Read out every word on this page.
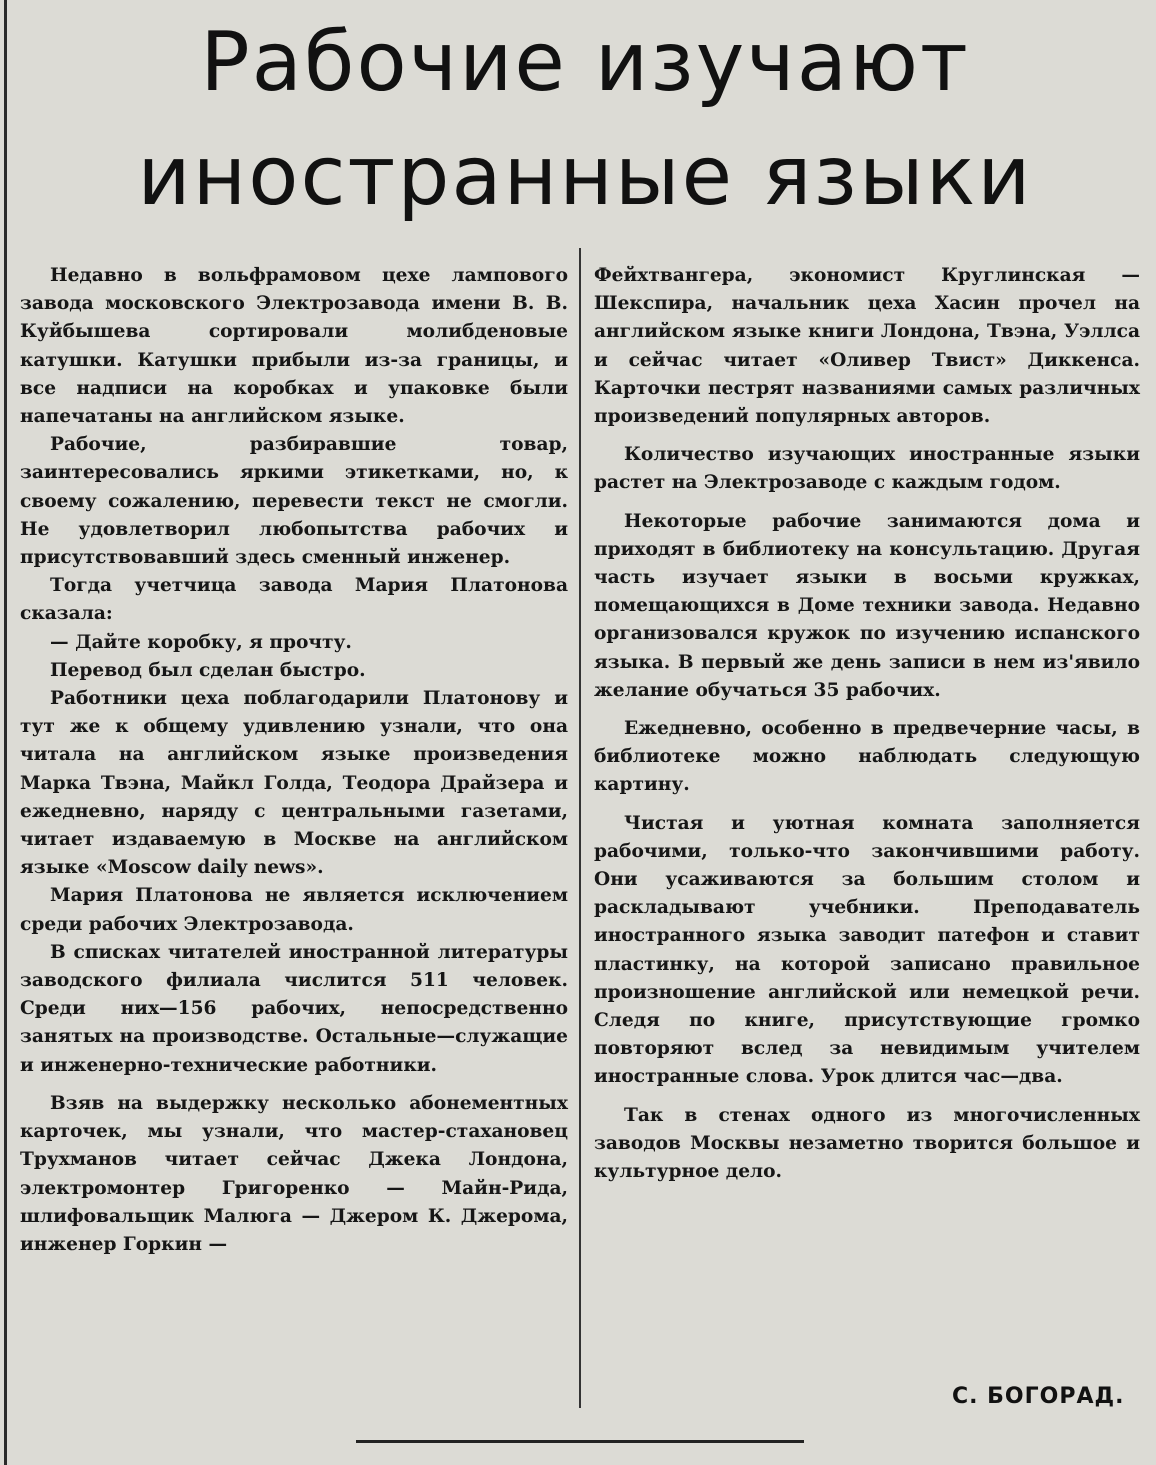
Рабочие изучают
иностранные языки

Недавно в вольфрамовом цехе лампового завода московского Электрозавода имени В. В. Куйбышева сортировали молибденовые катушки. Катушки прибыли из-за границы, и все надписи на коробках и упаковке были напечатаны на английском языке.

Рабочие, разбиравшие товар, заинтересовались яркими этикетками, но, к своему сожалению, перевести текст не смогли. Не удовлетворил любопытства рабочих и присутствовавший здесь сменный инженер.

Тогда учетчица завода Мария Платонова сказала:

— Дайте коробку, я прочту.

Перевод был сделан быстро.

Работники цеха поблагодарили Платонову и тут же к общему удивлению узнали, что она читала на английском языке произведения Марка Твэна, Майкл Голда, Теодора Драйзера и ежедневно, наряду с центральными газетами, читает издаваемую в Москве на английском языке «Moscow daily news».

Мария Платонова не является исключением среди рабочих Электрозавода.

В списках читателей иностранной литературы заводского филиала числится 511 человек. Среди них—156 рабочих, непосредственно занятых на производстве. Остальные—служащие и инженерно-технические работники.

Взяв на выдержку несколько абонементных карточек, мы узнали, что мастер-стахановец Трухманов читает сейчас Джека Лондона, электромонтер Григоренко — Майн-Рида, шлифовальщик Малюга — Джером К. Джерома, инженер Горкин —

Фейхтвангера, экономист Круглинская — Шекспира, начальник цеха Хасин прочел на английском языке книги Лондона, Твэна, Уэллса и сейчас читает «Оливер Твист» Диккенса. Карточки пестрят названиями самых различных произведений популярных авторов.

Количество изучающих иностранные языки растет на Электрозаводе с каждым годом.

Некоторые рабочие занимаются дома и приходят в библиотеку на консультацию. Другая часть изучает языки в восьми кружках, помещающихся в Доме техники завода. Недавно организовался кружок по изучению испанского языка. В первый же день записи в нем из'явило желание обучаться 35 рабочих.

Ежедневно, особенно в предвечерние часы, в библиотеке можно наблюдать следующую картину.

Чистая и уютная комната заполняется рабочими, только-что закончившими работу. Они усаживаются за большим столом и раскладывают учебники. Преподаватель иностранного языка заводит патефон и ставит пластинку, на которой записано правильное произношение английской или немецкой речи. Следя по книге, присутствующие громко повторяют вслед за невидимым учителем иностранные слова. Урок длится час—два.

Так в стенах одного из многочисленных заводов Москвы незаметно творится большое и культурное дело.

С. БОГОРАД.
